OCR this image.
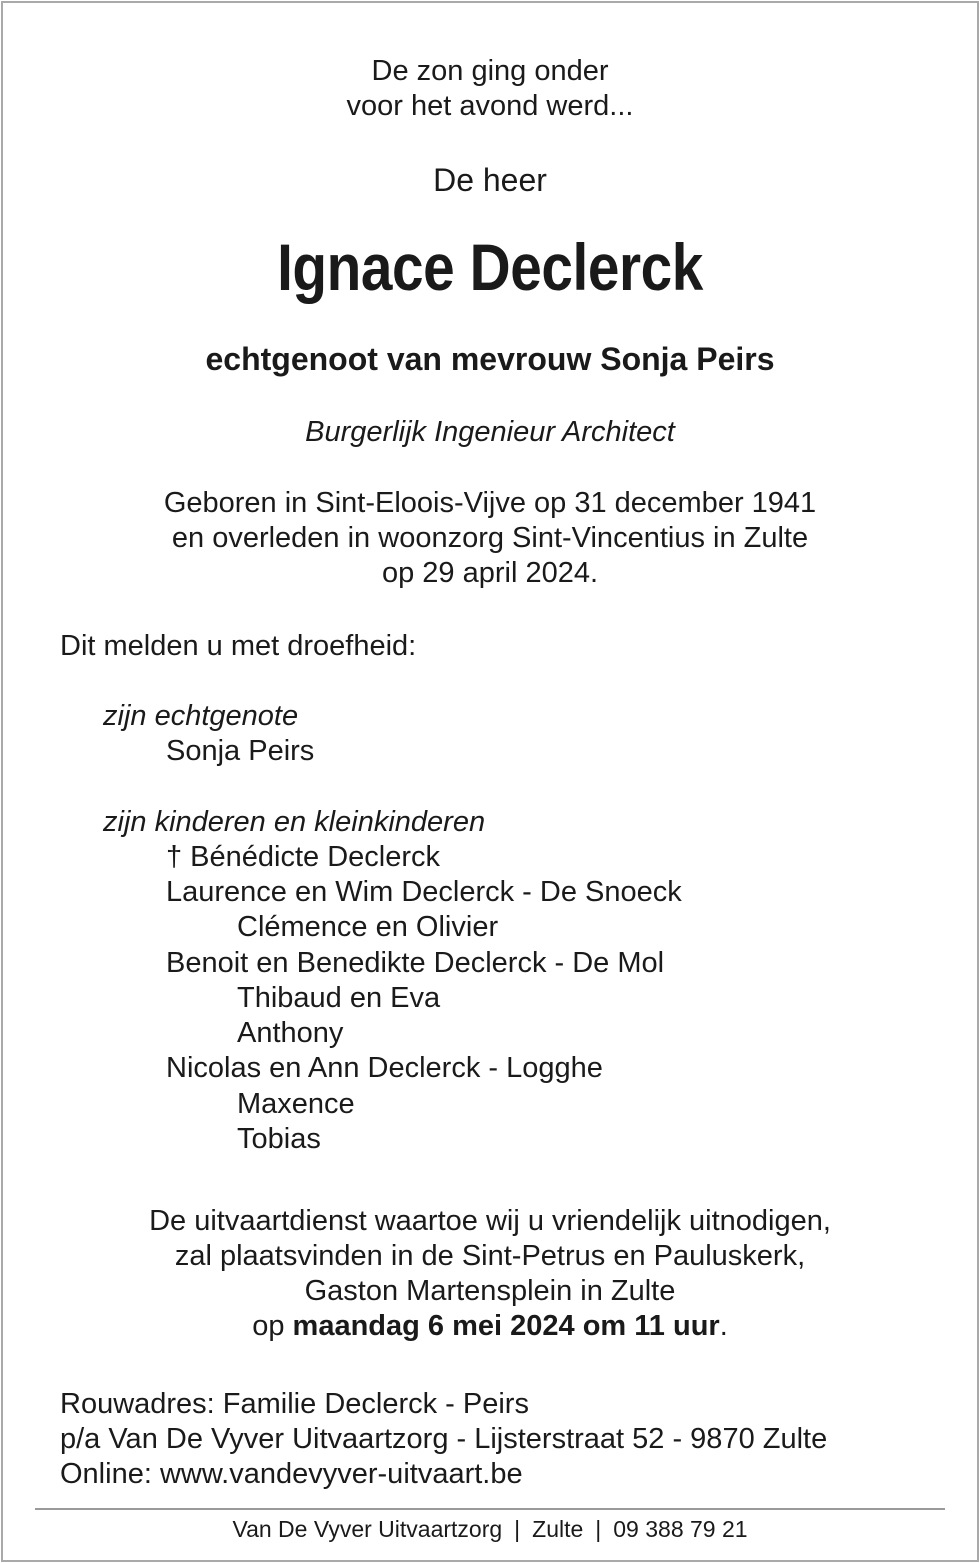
De zon ging onder
voor het avond werd...
De heer
Ignace Declerck
echtgenoot van mevrouw Sonja Peirs
Burgerlijk Ingenieur Architect
Geboren in Sint-Eloois-Vijve op 31 december 1941
en overleden in woonzorg Sint-Vincentius in Zulte
op 29 april 2024.
Dit melden u met droefheid:
zijn echtgenote
Sonja Peirs
zijn kinderen en kleinkinderen
† Bénédicte Declerck
Laurence en Wim Declerck - De Snoeck
Clémence en Olivier
Benoit en Benedikte Declerck - De Mol
Thibaud en Eva
Anthony
Nicolas en Ann Declerck - Logghe
Maxence
Tobias
De uitvaartdienst waartoe wij u vriendelijk uitnodigen,
zal plaatsvinden in de Sint-Petrus en Pauluskerk,
Gaston Martensplein in Zulte
op maandag 6 mei 2024 om 11 uur.
Rouwadres: Familie Declerck - Peirs
p/a Van De Vyver Uitvaartzorg - Lijsterstraat 52 - 9870 Zulte
Online: www.vandevyver-uitvaart.be
Van De Vyver Uitvaartzorg | Zulte | 09 388 79 21
